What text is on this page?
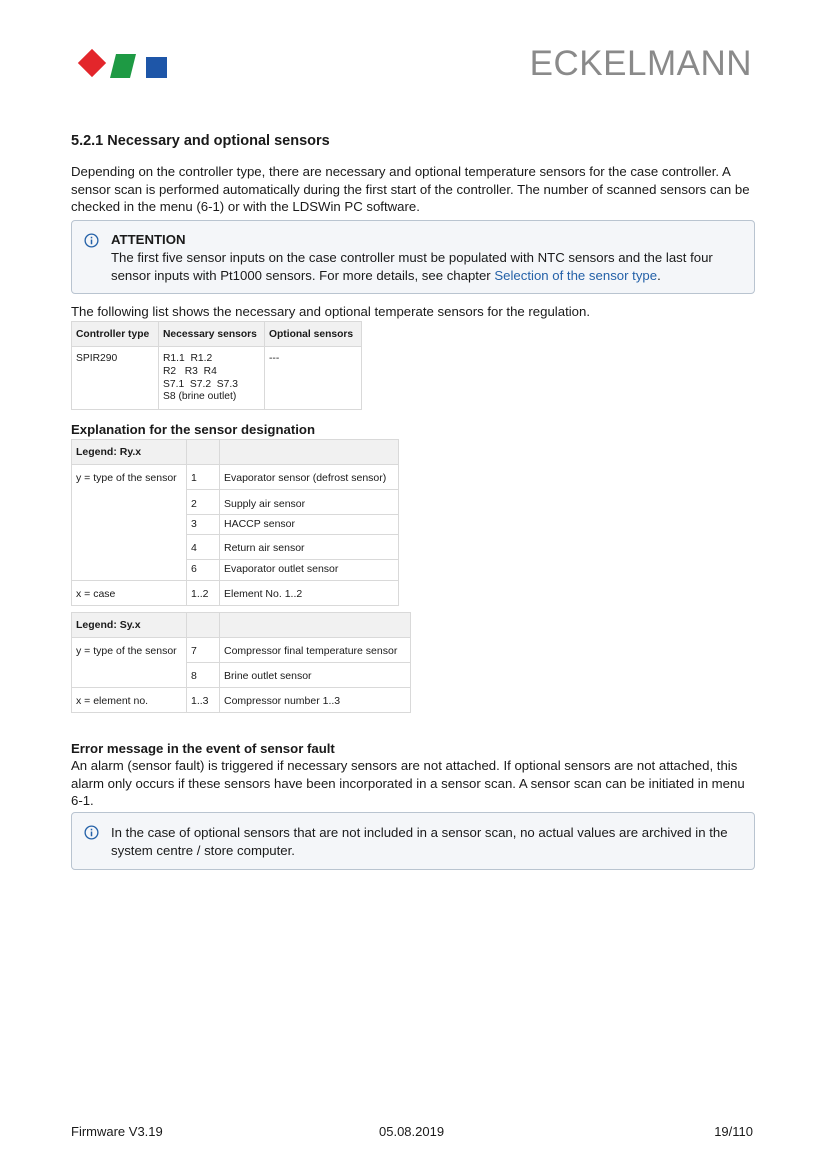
ECKELMANN
5.2.1 Necessary and optional sensors

Depending on the controller type, there are necessary and optional temperature sensors for the case controller. A sensor scan is performed automatically during the first start of the controller. The number of scanned sensors can be checked in the menu (6-1) or with the LDSWin PC software.

ATTENTION
The first five sensor inputs on the case controller must be populated with NTC sensors and the last four sensor inputs with Pt1000 sensors. For more details, see chapter Selection of the sensor type.

The following list shows the necessary and optional temperate sensors for the regulation.

Controller type	Necessary sensors	Optional sensors
SPIR290	R1.1  R1.2
R2   R3  R4
S7.1  S7.2  S7.3
S8 (brine outlet)	---
Explanation for the sensor designation
Legend: Ry.x		
y = type of the sensor	1	Evaporator sensor (defrost sensor)
	2	Supply air sensor
	3	HACCP sensor
	4	Return air sensor
	6	Evaporator outlet sensor
x = case	1..2	Element No. 1..2
Legend: Sy.x		
y = type of the sensor	7	Compressor final temperature sensor
	8	Brine outlet sensor
x = element no.	1..3	Compressor number 1..3
Error message in the event of sensor fault

An alarm (sensor fault) is triggered if necessary sensors are not attached. If optional sensors are not attached, this alarm only occurs if these sensors have been incorporated in a sensor scan. A sensor scan can be initiated in menu 6-1.

In the case of optional sensors that are not included in a sensor scan, no actual values are archived in the system centre / store computer.
Firmware V3.19	05.08.2019	19/110
